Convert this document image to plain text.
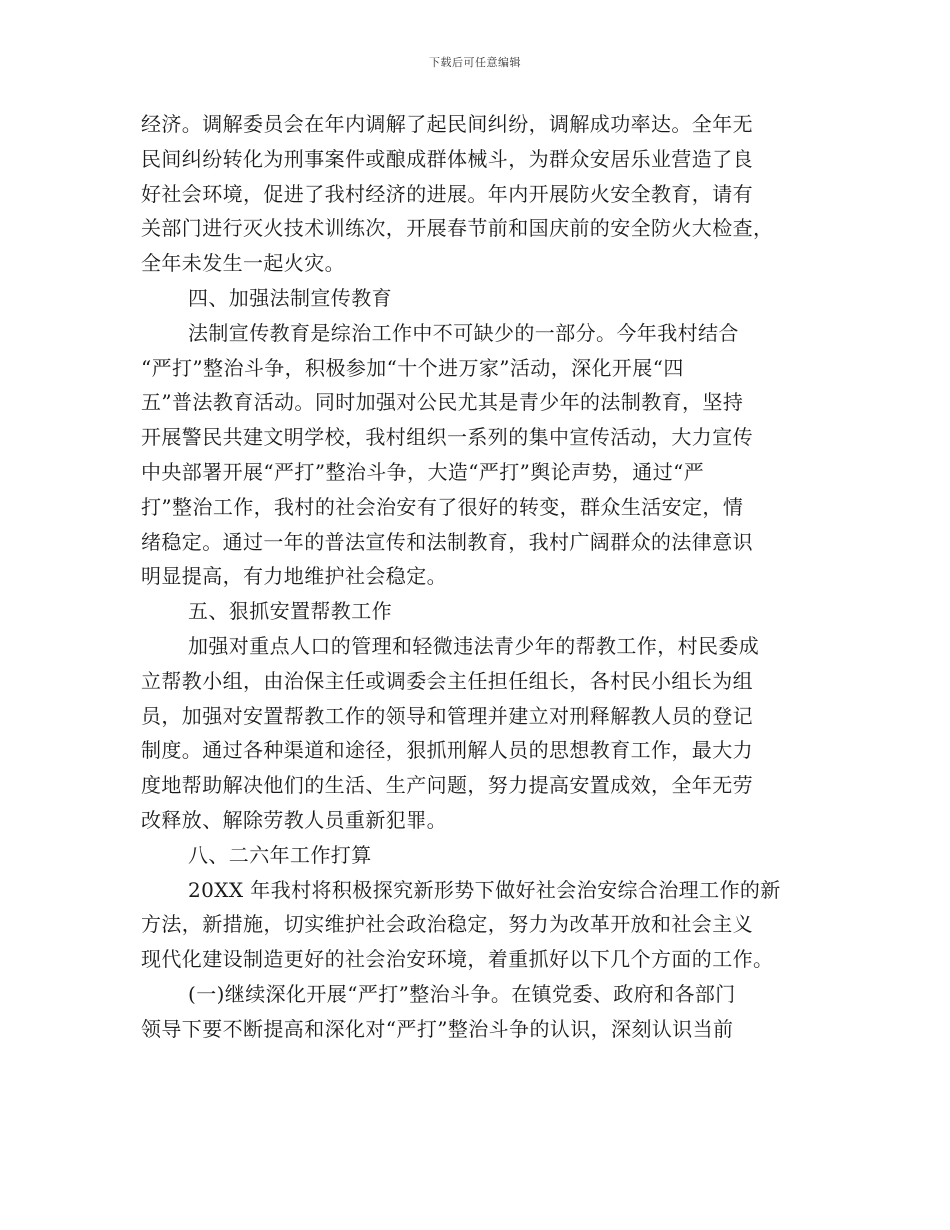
下载后可任意编辑
经济。调解委员会在年内调解了起民间纠纷，调解成功率达。全年无
民间纠纷转化为刑事案件或酿成群体械斗，为群众安居乐业营造了良
好社会环境，促进了我村经济的进展。年内开展防火安全教育，请有
关部门进行灭火技术训练次，开展春节前和国庆前的安全防火大检查，
全年未发生一起火灾。
四、加强法制宣传教育
法制宣传教育是综治工作中不可缺少的一部分。今年我村结合
“严打”整治斗争，积极参加“十个进万家”活动，深化开展“四
五”普法教育活动。同时加强对公民尤其是青少年的法制教育，坚持
开展警民共建文明学校，我村组织一系列的集中宣传活动，大力宣传
中央部署开展“严打”整治斗争，大造“严打”舆论声势，通过“严
打”整治工作，我村的社会治安有了很好的转变，群众生活安定，情
绪稳定。通过一年的普法宣传和法制教育，我村广阔群众的法律意识
明显提高，有力地维护社会稳定。
五、狠抓安置帮教工作
加强对重点人口的管理和轻微违法青少年的帮教工作，村民委成
立帮教小组，由治保主任或调委会主任担任组长，各村民小组长为组
员，加强对安置帮教工作的领导和管理并建立对刑释解教人员的登记
制度。通过各种渠道和途径，狠抓刑解人员的思想教育工作，最大力
度地帮助解决他们的生活、生产问题，努力提高安置成效，全年无劳
改释放、解除劳教人员重新犯罪。
八、二六年工作打算
20XX 年我村将积极探究新形势下做好社会治安综合治理工作的新
方法，新措施，切实维护社会政治稳定，努力为改革开放和社会主义
现代化建设制造更好的社会治安环境，着重抓好以下几个方面的工作。
(一)继续深化开展“严打”整治斗争。在镇党委、政府和各部门
领导下要不断提高和深化对“严打”整治斗争的认识，深刻认识当前
